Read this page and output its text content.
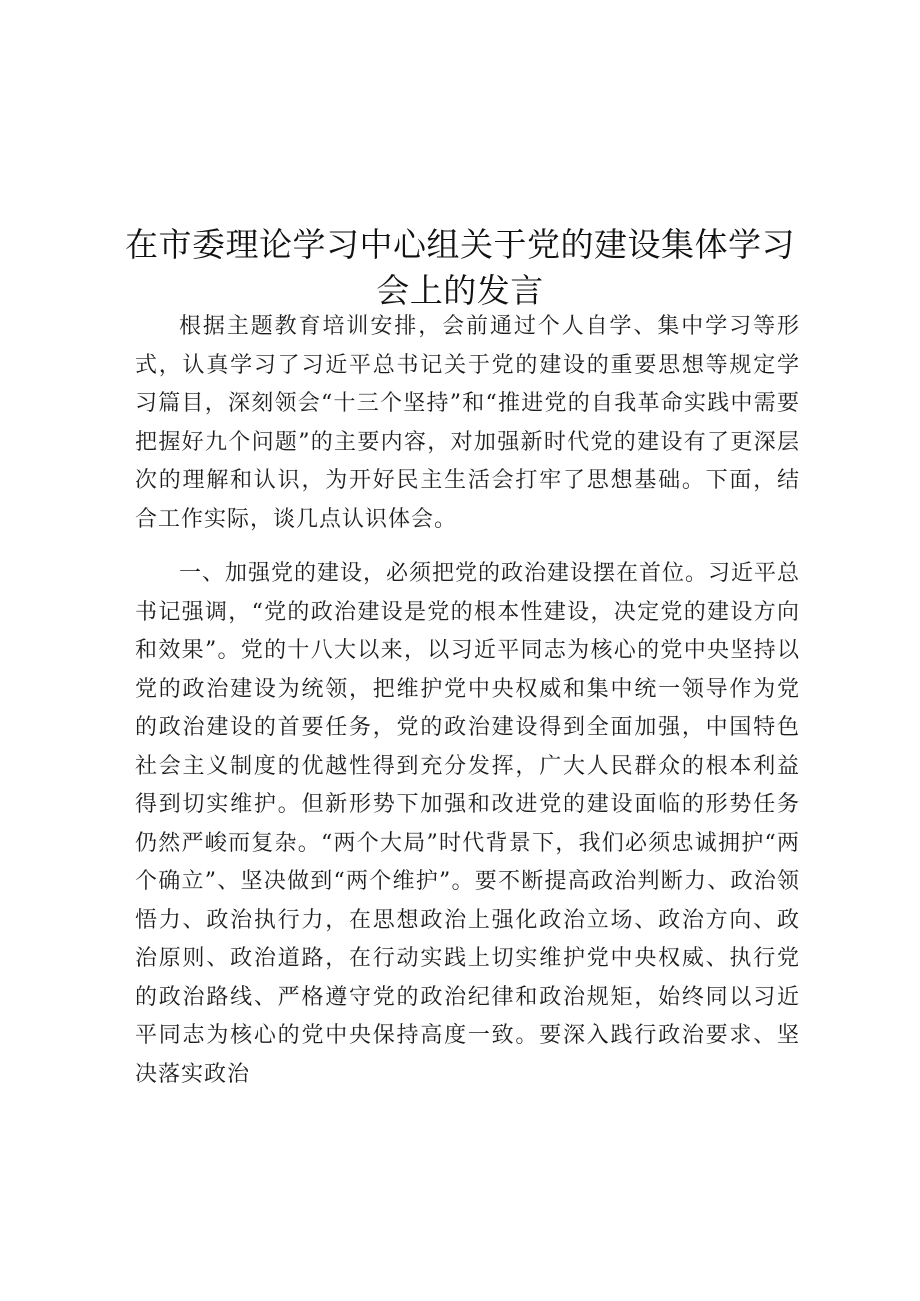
在市委理论学习中心组关于党的建设集体学习
会上的发言

根据主题教育培训安排，会前通过个人自学、集中学习等形式，认真学习了习近平总书记关于党的建设的重要思想等规定学习篇目，深刻领会“十三个坚持”和“推进党的自我革命实践中需要把握好九个问题”的主要内容，对加强新时代党的建设有了更深层次的理解和认识，为开好民主生活会打牢了思想基础。下面，结合工作实际，谈几点认识体会。

一、加强党的建设，必须把党的政治建设摆在首位。习近平总书记强调，“党的政治建设是党的根本性建设，决定党的建设方向和效果”。党的十八大以来，以习近平同志为核心的党中央坚持以党的政治建设为统领，把维护党中央权威和集中统一领导作为党的政治建设的首要任务，党的政治建设得到全面加强，中国特色社会主义制度的优越性得到充分发挥，广大人民群众的根本利益得到切实维护。但新形势下加强和改进党的建设面临的形势任务仍然严峻而复杂。“两个大局”时代背景下，我们必须忠诚拥护“两个确立”、坚决做到“两个维护”。要不断提高政治判断力、政治领悟力、政治执行力，在思想政治上强化政治立场、政治方向、政治原则、政治道路，在行动实践上切实维护党中央权威、执行党的政治路线、严格遵守党的政治纪律和政治规矩，始终同以习近平同志为核心的党中央保持高度一致。要深入践行政治要求、坚决落实政治
